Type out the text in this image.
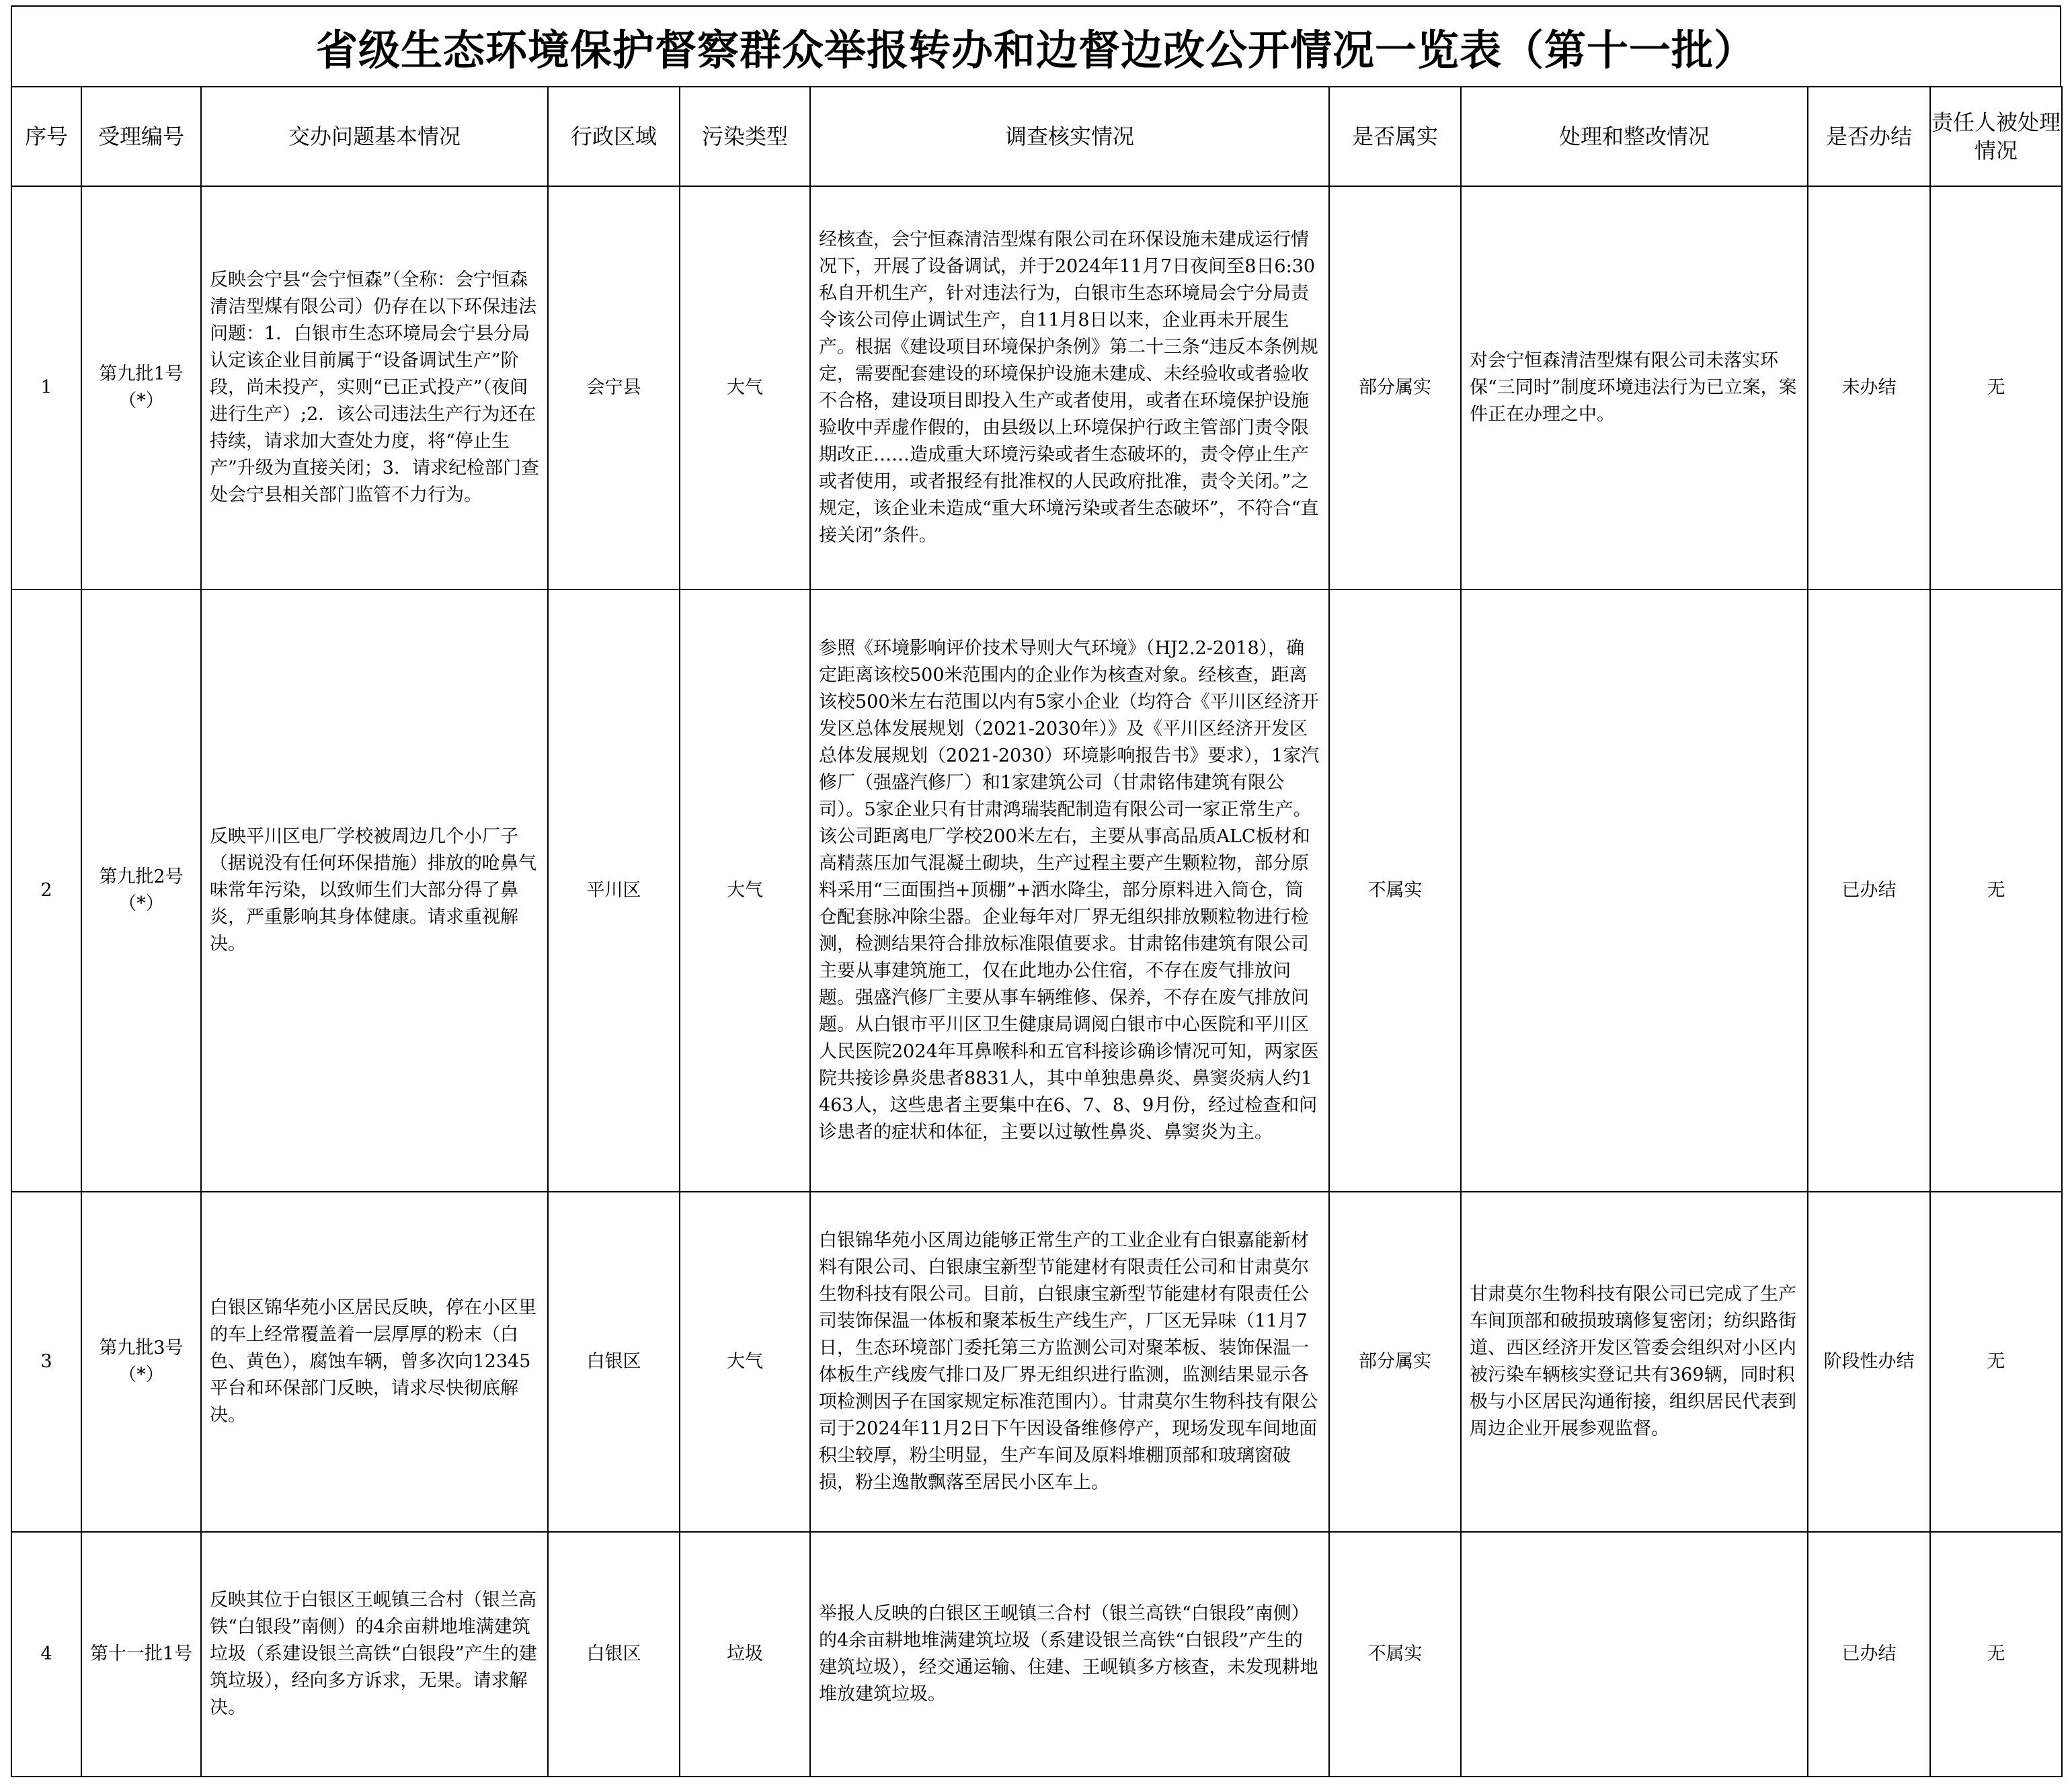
省级生态环境保护督察群众举报转办和边督边改公开情况一览表（第十一批）
序号	受理编号	交办问题基本情况	行政区域	污染类型	调查核实情况	是否属实	处理和整改情况	是否办结	责任人被处理情况
1	第九批1号（*）	反映会宁县“会宁恒森”（全称：会宁恒森清洁型煤有限公司）仍存在以下环保违法问题：1．白银市生态环境局会宁县分局认定该企业目前属于“设备调试生产”阶段，尚未投产，实则“已正式投产”（夜间进行生产）;2．该公司违法生产行为还在持续，请求加大查处力度，将“停止生产”升级为直接关闭；3．请求纪检部门查处会宁县相关部门监管不力行为。	会宁县	大气	经核查，会宁恒森清洁型煤有限公司在环保设施未建成运行情况下，开展了设备调试，并于2024年11月7日夜间至8日6:30私自开机生产，针对违法行为，白银市生态环境局会宁分局责令该公司停止调试生产，自11月8日以来，企业再未开展生产。根据《建设项目环境保护条例》第二十三条“违反本条例规定，需要配套建设的环境保护设施未建成、未经验收或者验收不合格，建设项目即投入生产或者使用，或者在环境保护设施验收中弄虚作假的，由县级以上环境保护行政主管部门责令限期改正……造成重大环境污染或者生态破坏的，责令停止生产或者使用，或者报经有批准权的人民政府批准，责令关闭。”之规定，该企业未造成“重大环境污染或者生态破坏”，不符合“直接关闭”条件。	部分属实	对会宁恒森清洁型煤有限公司未落实环保“三同时”制度环境违法行为已立案，案件正在办理之中。	未办结	无
2	第九批2号（*）	反映平川区电厂学校被周边几个小厂子（据说没有任何环保措施）排放的呛鼻气味常年污染，以致师生们大部分得了鼻炎，严重影响其身体健康。请求重视解决。	平川区	大气	参照《环境影响评价技术导则大气环境》（HJ2.2-2018），确定距离该校500米范围内的企业作为核查对象。经核查，距离该校500米左右范围以内有5家小企业（均符合《平川区经济开发区总体发展规划（2021-2030年）》及《平川区经济开发区总体发展规划（2021-2030）环境影响报告书》要求），1家汽修厂（强盛汽修厂）和1家建筑公司（甘肃铭伟建筑有限公司）。5家企业只有甘肃鸿瑞装配制造有限公司一家正常生产。该公司距离电厂学校200米左右，主要从事高品质ALC板材和高精蒸压加气混凝土砌块，生产过程主要产生颗粒物，部分原料采用“三面围挡+顶棚”+洒水降尘，部分原料进入筒仓，筒仓配套脉冲除尘器。企业每年对厂界无组织排放颗粒物进行检测，检测结果符合排放标准限值要求。甘肃铭伟建筑有限公司主要从事建筑施工，仅在此地办公住宿，不存在废气排放问题。强盛汽修厂主要从事车辆维修、保养，不存在废气排放问题。从白银市平川区卫生健康局调阅白银市中心医院和平川区人民医院2024年耳鼻喉科和五官科接诊确诊情况可知，两家医院共接诊鼻炎患者8831人，其中单独患鼻炎、鼻窦炎病人约1463人，这些患者主要集中在6、7、8、9月份，经过检查和问诊患者的症状和体征，主要以过敏性鼻炎、鼻窦炎为主。	不属实		已办结	无
3	第九批3号（*）	白银区锦华苑小区居民反映，停在小区里的车上经常覆盖着一层厚厚的粉末（白色、黄色），腐蚀车辆，曾多次向12345平台和环保部门反映，请求尽快彻底解决。	白银区	大气	白银锦华苑小区周边能够正常生产的工业企业有白银嘉能新材料有限公司、白银康宝新型节能建材有限责任公司和甘肃莫尔生物科技有限公司。目前，白银康宝新型节能建材有限责任公司装饰保温一体板和聚苯板生产线生产，厂区无异味（11月7日，生态环境部门委托第三方监测公司对聚苯板、装饰保温一体板生产线废气排口及厂界无组织进行监测，监测结果显示各项检测因子在国家规定标准范围内）。甘肃莫尔生物科技有限公司于2024年11月2日下午因设备维修停产，现场发现车间地面积尘较厚，粉尘明显，生产车间及原料堆棚顶部和玻璃窗破损，粉尘逸散飘落至居民小区车上。	部分属实	甘肃莫尔生物科技有限公司已完成了生产车间顶部和破损玻璃修复密闭；纺织路街道、西区经济开发区管委会组织对小区内被污染车辆核实登记共有369辆，同时积极与小区居民沟通衔接，组织居民代表到周边企业开展参观监督。	阶段性办结	无
4	第十一批1号	反映其位于白银区王岘镇三合村（银兰高铁“白银段”南侧）的4余亩耕地堆满建筑垃圾（系建设银兰高铁“白银段”产生的建筑垃圾），经向多方诉求，无果。请求解决。	白银区	垃圾	举报人反映的白银区王岘镇三合村（银兰高铁“白银段”南侧）的4余亩耕地堆满建筑垃圾（系建设银兰高铁“白银段”产生的建筑垃圾），经交通运输、住建、王岘镇多方核查，未发现耕地堆放建筑垃圾。	不属实		已办结	无
